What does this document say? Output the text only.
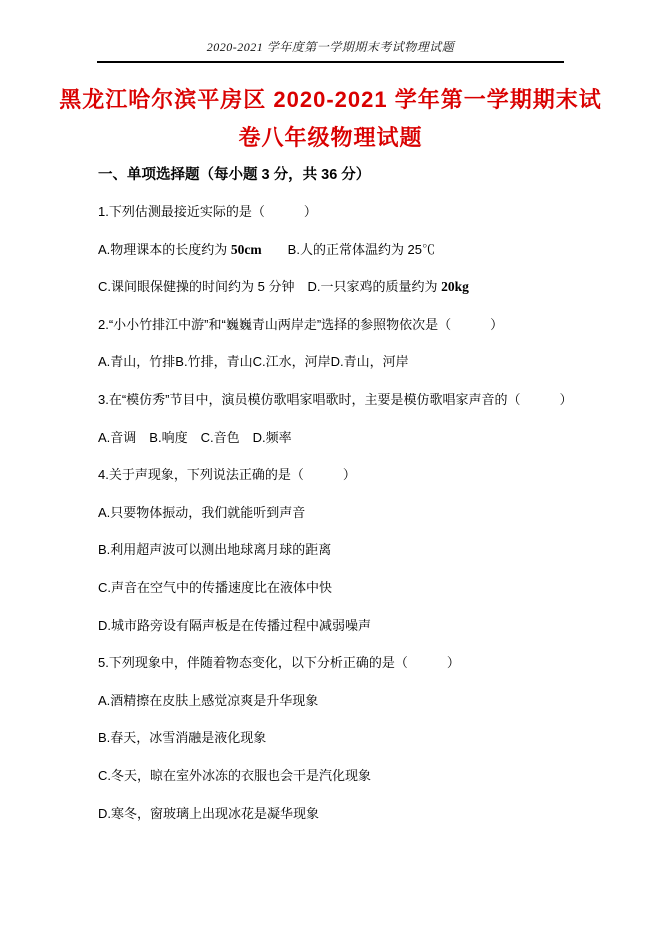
2020-2021 学年度第一学期期末考试物理试题
黑龙江哈尔滨平房区 2020-2021 学年第一学期期末试
卷八年级物理试题
一、单项选择题（每小题 3 分，共 36 分）

1.下列估测最接近实际的是（　　　）

A.物理课本的长度约为 50cm　　B.人的正常体温约为 25℃

C.课间眼保健操的时间约为 5 分钟　D.一只家鸡的质量约为 20kg

2.“小小竹排江中游”和“巍巍青山两岸走”选择的参照物依次是（　　　）

A.青山，竹排B.竹排，青山C.江水，河岸D.青山，河岸

3.在“模仿秀”节目中，演员模仿歌唱家唱歌时，主要是模仿歌唱家声音的（　　　）

A.音调　B.响度　C.音色　D.频率

4.关于声现象，下列说法正确的是（　　　）

A.只要物体振动，我们就能听到声音

B.利用超声波可以测出地球离月球的距离

C.声音在空气中的传播速度比在液体中快

D.城市路旁设有隔声板是在传播过程中减弱噪声

5.下列现象中，伴随着物态变化，以下分析正确的是（　　　）

A.酒精擦在皮肤上感觉凉爽是升华现象

B.春天，冰雪消融是液化现象

C.冬天，晾在室外冰冻的衣服也会干是汽化现象

D.寒冬，窗玻璃上出现冰花是凝华现象
